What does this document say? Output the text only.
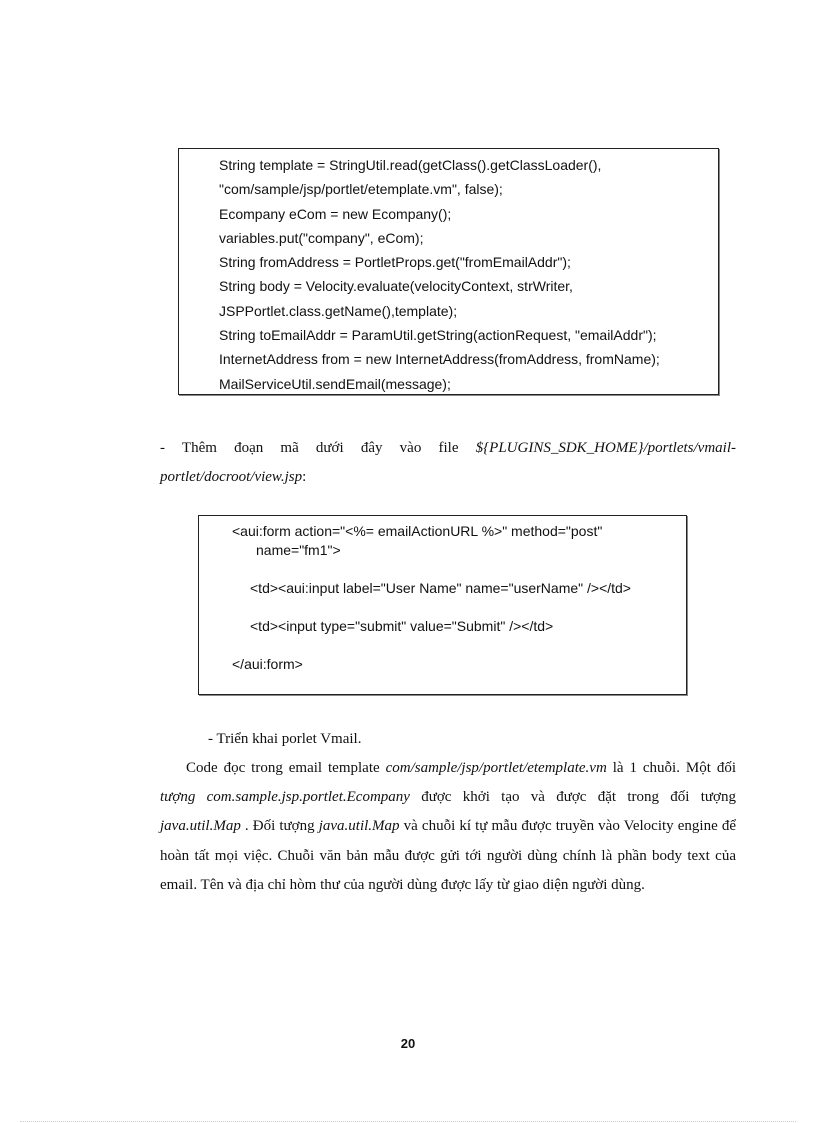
String template = StringUtil.read(getClass().getClassLoader(),
"com/sample/jsp/portlet/etemplate.vm", false);
Ecompany eCom = new Ecompany();
variables.put("company", eCom);
String fromAddress = PortletProps.get("fromEmailAddr");
String body = Velocity.evaluate(velocityContext, strWriter,
JSPPortlet.class.getName(),template);
String toEmailAddr = ParamUtil.getString(actionRequest, "emailAddr");
InternetAddress from = new InternetAddress(fromAddress, fromName);
MailServiceUtil.sendEmail(message);
- Thêm đoạn mã dưới đây vào file ${PLUGINS_SDK_HOME}/portlets/vmail-portlet/docroot/view.jsp:
<aui:form action="<%= emailActionURL %>" method="post"
name="fm1">
<td><aui:input label="User Name" name="userName" /></td>
<td><input type="submit" value="Submit" /></td>
</aui:form>
- Triển khai porlet Vmail.
Code đọc trong email template com/sample/jsp/portlet/etemplate.vm là 1 chuỗi. Một đối tượng com.sample.jsp.portlet.Ecompany được khởi tạo và được đặt trong đối tượng java.util.Map . Đối tượng java.util.Map và chuỗi kí tự mẫu được truyền vào Velocity engine để hoàn tất mọi việc. Chuỗi văn bản mẫu được gửi tới người dùng chính là phần body text của email. Tên và địa chỉ hòm thư của người dùng được lấy từ giao diện người dùng.
20
